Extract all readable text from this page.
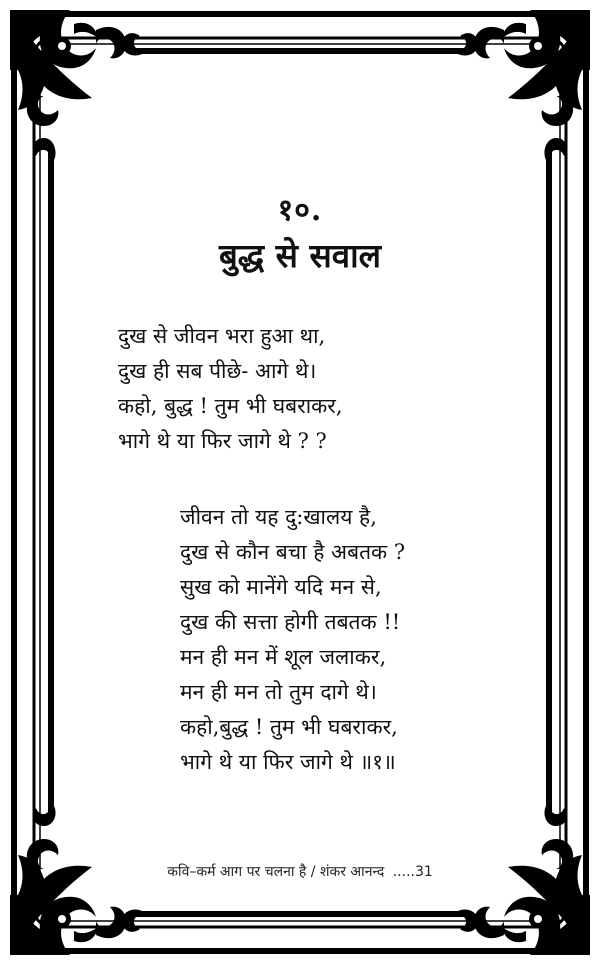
१०.
बुद्ध से सवाल
दुख से जीवन भरा हुआ था,
दुख ही सब पीछे- आगे थे।
कहो, बुद्ध ! तुम भी घबराकर,
भागे थे या फिर जागे थे ? ?
जीवन तो यह दु:खालय है,
दुख से कौन बचा है अबतक ?
सुख को मानेंगे यदि मन से,
दुख की सत्ता होगी तबतक !!
मन ही मन में शूल जलाकर,
मन ही मन तो तुम दागे थे।
कहो,बुद्ध ! तुम भी घबराकर,
भागे थे या फिर जागे थे ॥१॥
कवि–कर्म आग पर चलना है / शंकर आनन्द .....31
